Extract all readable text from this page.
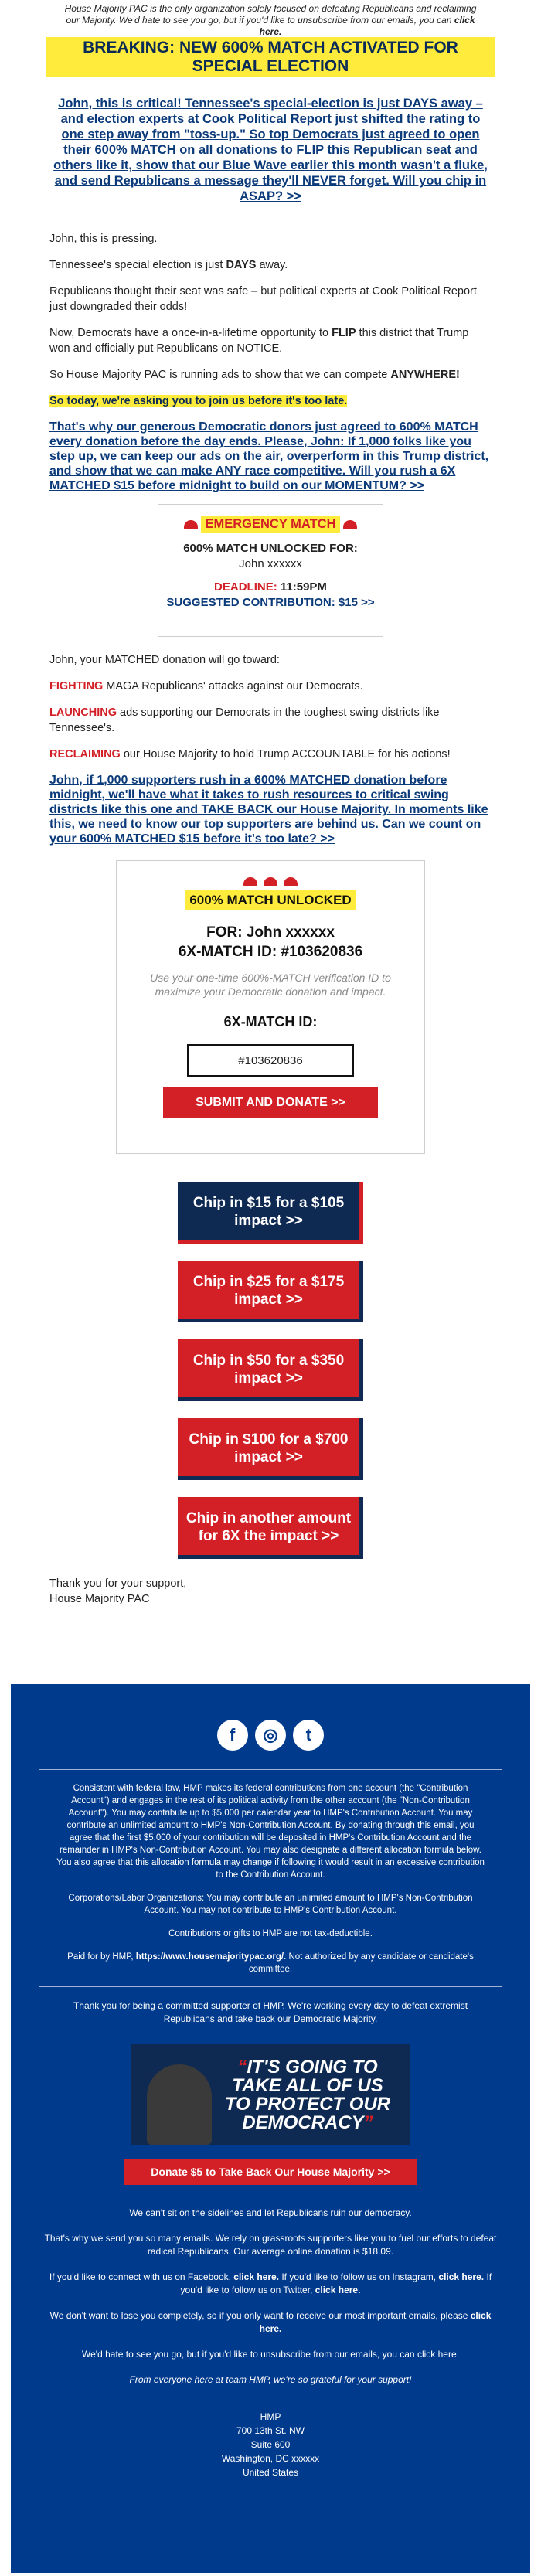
House Majority PAC is the only organization solely focused on defeating Republicans and reclaiming our Majority. We'd hate to see you go, but if you'd like to unsubscribe from our emails, you can click here.
BREAKING: NEW 600% MATCH ACTIVATED FOR SPECIAL ELECTION
John, this is critical! Tennessee's special-election is just DAYS away – and election experts at Cook Political Report just shifted the rating to one step away from "toss-up." So top Democrats just agreed to open their 600% MATCH on all donations to FLIP this Republican seat and others like it, show that our Blue Wave earlier this month wasn't a fluke, and send Republicans a message they'll NEVER forget. Will you chip in ASAP? >>

John, this is pressing.

Tennessee's special election is just DAYS away.

Republicans thought their seat was safe – but political experts at Cook Political Report just downgraded their odds!

Now, Democrats have a once-in-a-lifetime opportunity to FLIP this district that Trump won and officially put Republicans on NOTICE.

So House Majority PAC is running ads to show that we can compete ANYWHERE!

So today, we're asking you to join us before it's too late.

That's why our generous Democratic donors just agreed to 600% MATCH every donation before the day ends. Please, John: If 1,000 folks like you step up, we can keep our ads on the air, overperform in this Trump district, and show that we can make ANY race competitive. Will you rush a 6X MATCHED $15 before midnight to build on our MOMENTUM? >>
EMERGENCY MATCH
600% MATCH UNLOCKED FOR:
John xxxxxx
DEADLINE: 11:59PM
SUGGESTED CONTRIBUTION: $15 >>

John, your MATCHED donation will go toward:

FIGHTING MAGA Republicans' attacks against our Democrats.

LAUNCHING ads supporting our Democrats in the toughest swing districts like Tennessee's.

RECLAIMING our House Majority to hold Trump ACCOUNTABLE for his actions!

John, if 1,000 supporters rush in a 600% MATCHED donation before midnight, we'll have what it takes to rush resources to critical swing districts like this one and TAKE BACK our House Majority. In moments like this, we need to know our top supporters are behind us. Can we count on your 600% MATCHED $15 before it's too late? >>
600% MATCH UNLOCKED
FOR: John xxxxxx
6X-MATCH ID: #103620836
Use your one-time 600%-MATCH verification ID to maximize your Democratic donation and impact.
6X-MATCH ID:
#103620836
SUBMIT AND DONATE >>
Chip in $15 for a $105 impact >>
Chip in $25 for a $175 impact >>
Chip in $50 for a $350 impact >>
Chip in $100 for a $700 impact >>
Chip in another amount for 6X the impact >>
Thank you for your support,
House Majority PAC
f ◎ t

Consistent with federal law, HMP makes its federal contributions from one account (the "Contribution Account") and engages in the rest of its political activity from the other account (the "Non-Contribution Account"). You may contribute up to $5,000 per calendar year to HMP's Contribution Account. You may contribute an unlimited amount to HMP's Non-Contribution Account. By donating through this email, you agree that the first $5,000 of your contribution will be deposited in HMP's Contribution Account and the remainder in HMP's Non-Contribution Account. You may also designate a different allocation formula below. You also agree that this allocation formula may change if following it would result in an excessive contribution to the Contribution Account.

Corporations/Labor Organizations: You may contribute an unlimited amount to HMP's Non-Contribution Account. You may not contribute to HMP's Contribution Account.

Contributions or gifts to HMP are not tax-deductible.

Paid for by HMP, https://www.housemajoritypac.org/. Not authorized by any candidate or candidate's committee.

Thank you for being a committed supporter of HMP. We're working every day to defeat extremist Republicans and take back our Democratic Majority.

“IT'S GOING TO TAKE ALL OF US TO PROTECT OUR DEMOCRACY”
Donate $5 to Take Back Our House Majority >>

We can't sit on the sidelines and let Republicans ruin our democracy.

That's why we send you so many emails. We rely on grassroots supporters like you to fuel our efforts to defeat radical Republicans. Our average online donation is $18.09.

If you'd like to connect with us on Facebook, click here. If you'd like to follow us on Instagram, click here. If you'd like to follow us on Twitter, click here.

We don't want to lose you completely, so if you only want to receive our most important emails, please click here.

We'd hate to see you go, but if you'd like to unsubscribe from our emails, you can click here.

From everyone here at team HMP, we're so grateful for your support!

HMP
700 13th St. NW
Suite 600
Washington, DC xxxxxx
United States
